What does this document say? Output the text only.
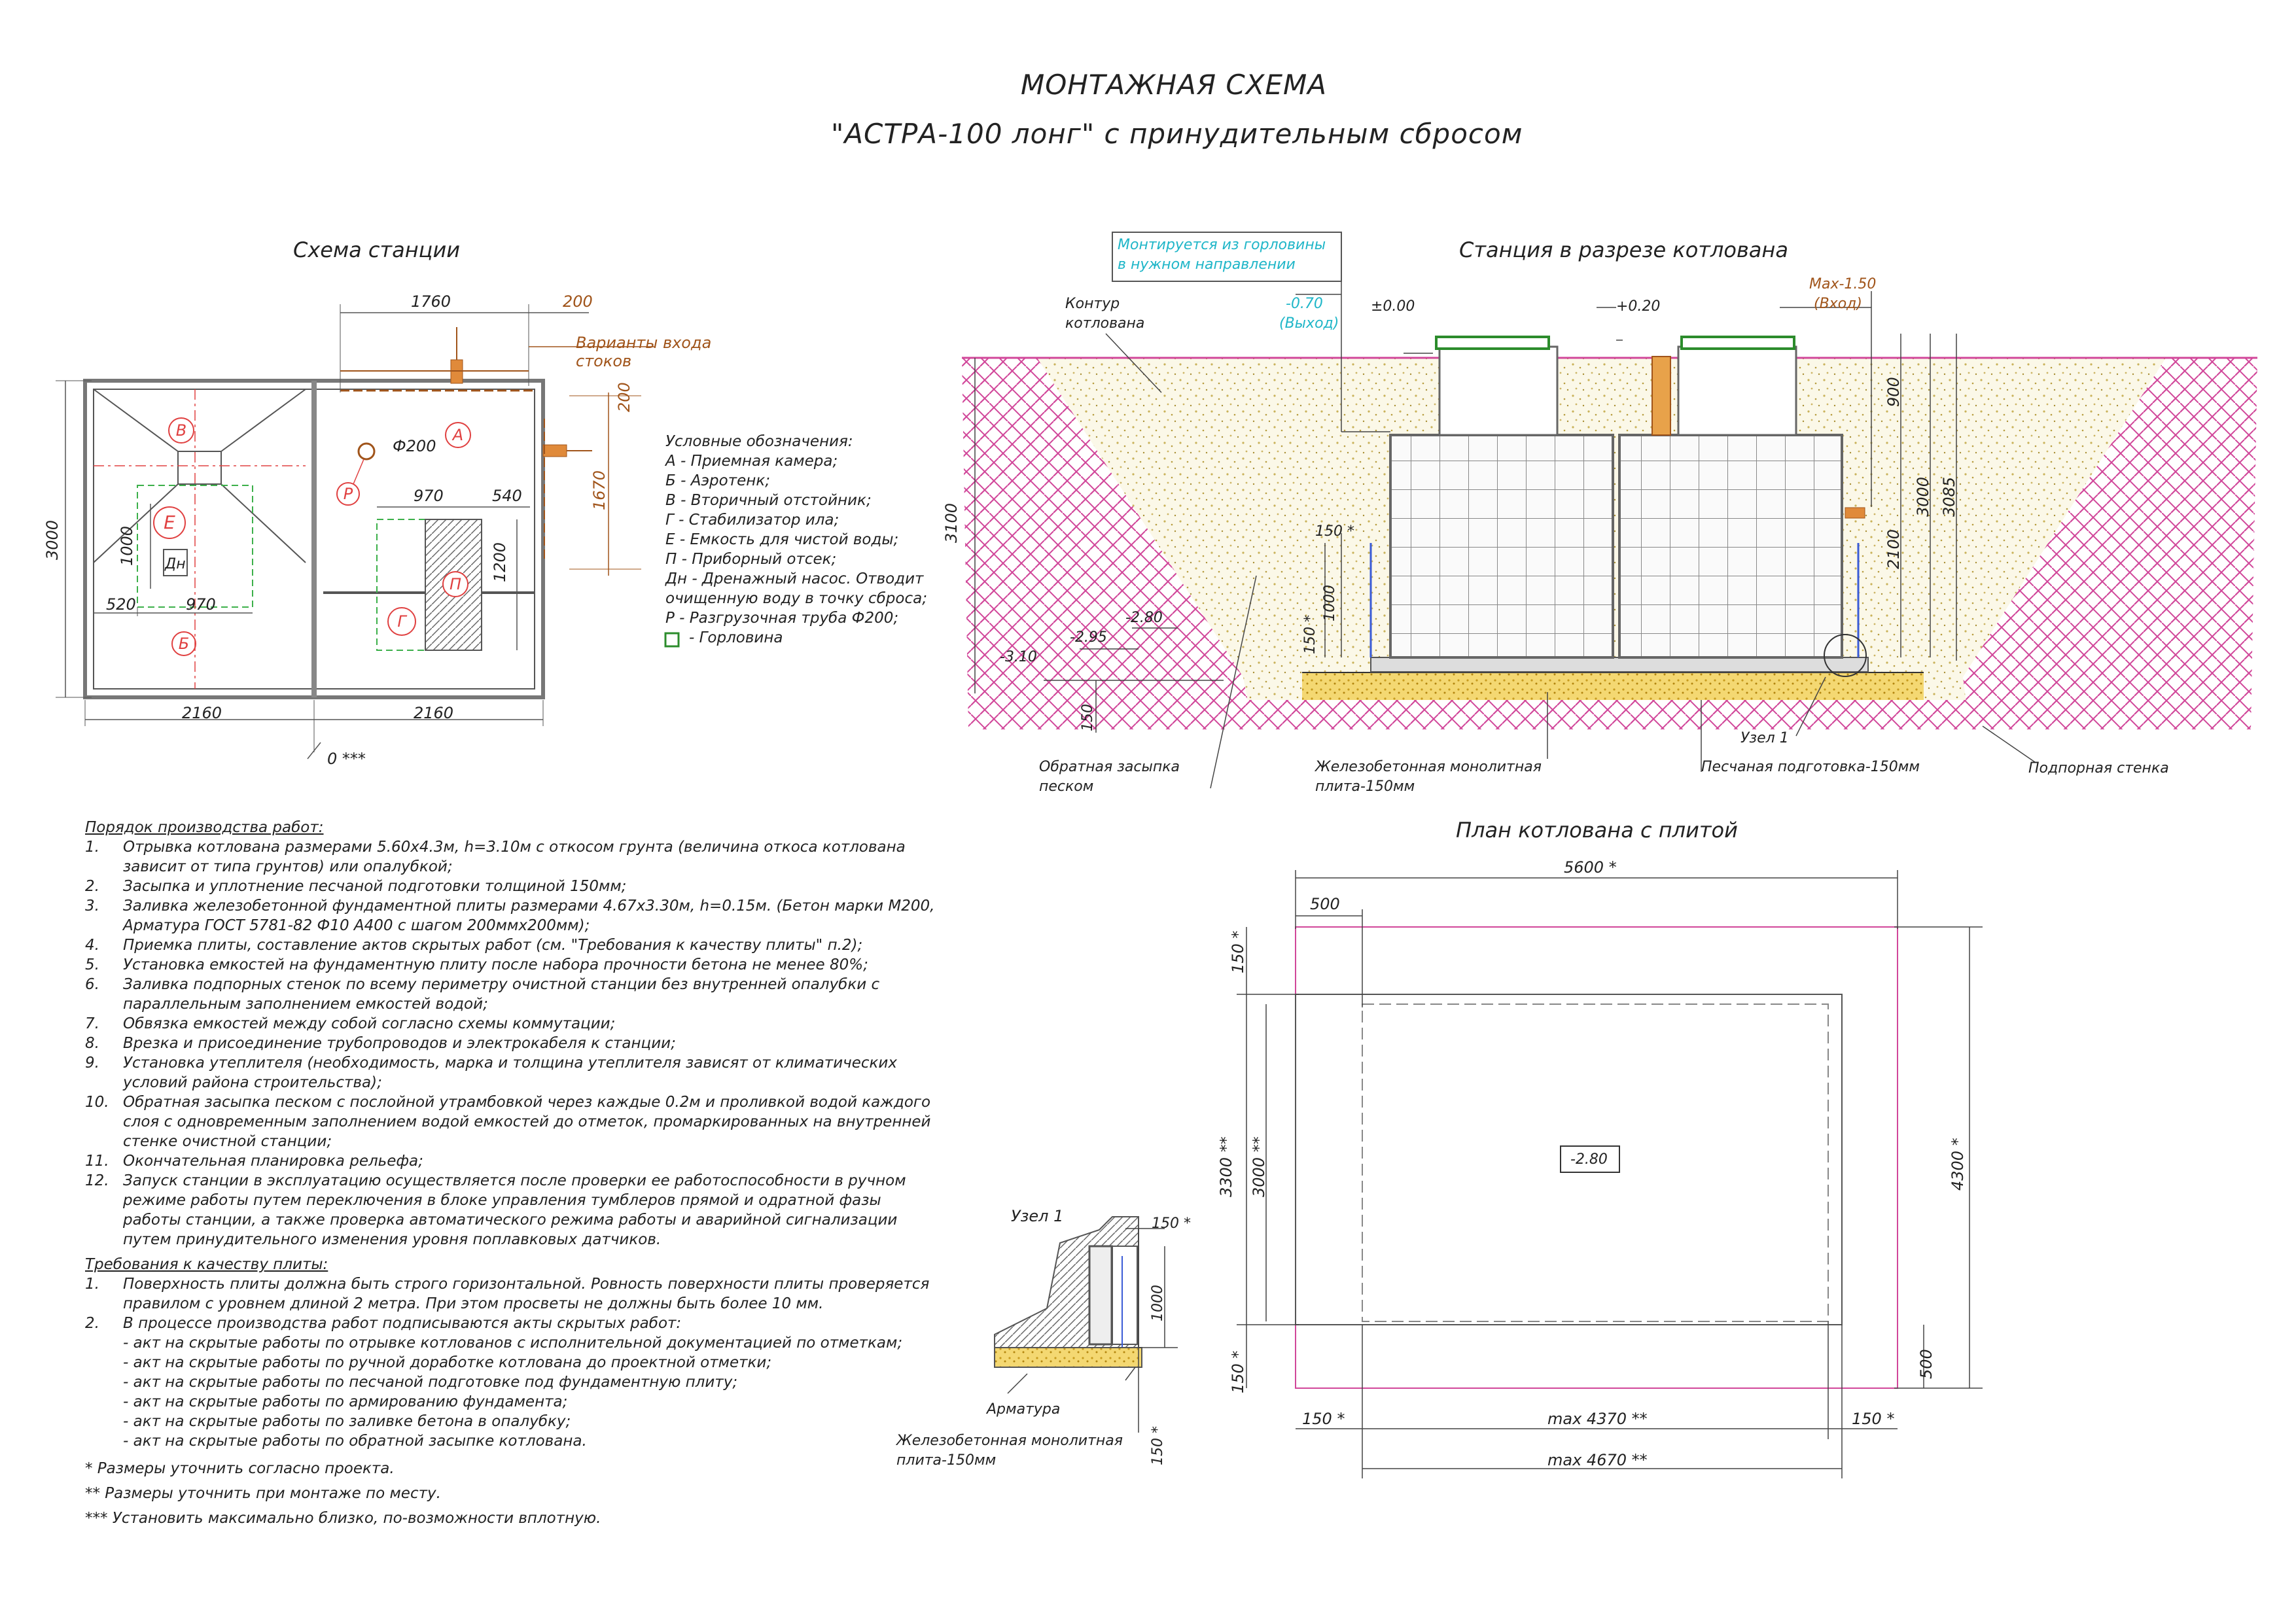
МОНТАЖНАЯ СХЕМА
"АСТРА-100 лонг" с принудительным сбросом
Схема станции
1760	200
Варианты входа
стоков
200
1670
3000	1000
520	970
970	540
1200
2160	2160
Ф200
0 ***
В	А
Р
Е
Дн
Б
П
Г
Условные обозначения:
А - Приемная камера;
Б - Аэротенк;
В - Вторичный отстойник;
Г - Стабилизатор ила;
Е - Емкость для чистой воды;
П - Приборный отсек;
Дн - Дренажный насос. Отводит
очищенную воду в точку сброса;
Р - Разгрузочная труба Ф200;
- Горловина
Станция в разрезе котлована
Монтируется из горловины
в нужном направлении
Контур
котлована
-0.70
(Выход)
±0.00	+0.20
Max-1.50
(Вход)
-2.80
-2.95
-3.10
3100
900
3000 3085
2100
150 *
150 *
1000
150
Обратная засыпка
песком
Железобетонная монолитная
плита-150мм
Узел 1
Песчаная подготовка-150мм	Подпорная стенка
План котлована с плитой
5600 *
500
150 *
3300 ** 3000 **	4300 *
150 *	500
150 *	150 *
max 4370 **
max 4670 **
-2.80
Узел 1	150 *
1000
150 *
Арматура
Железобетонная монолитная
плита-150мм
Порядок производства работ:
1.	Отрывка котлована размерами 5.60х4.3м, h=3.10м с откосом грунта (величина откоса котлована
зависит от типа грунтов) или опалубкой;
2.	Засыпка и уплотнение песчаной подготовки толщиной 150мм;
3.	Заливка железобетонной фундаментной плиты размерами 4.67х3.30м, h=0.15м. (Бетон марки М200,
Арматура ГОСТ 5781-82 Ф10 А400 с шагом 200ммх200мм);
4.	Приемка плиты, составление актов скрытых работ (см. "Требования к качеству плиты" п.2);
5.	Установка емкостей на фундаментную плиту после набора прочности бетона не менее 80%;
6.	Заливка подпорных стенок по всему периметру очистной станции без внутренней опалубки с
параллельным заполнением емкостей водой;
7.	Обвязка емкостей между собой согласно схемы коммутации;
8.	Врезка и присоединение трубопроводов и электрокабеля к станции;
9.	Установка утеплителя (необходимость, марка и толщина утеплителя зависят от климатических
условий района строительства);
10. Обратная засыпка песком с послойной утрамбовкой через каждые 0.2м и проливкой водой каждого
слоя с одновременным заполнением водой емкостей до отметок, промаркированных на внутренней
стенке очистной станции;
11. Окончательная планировка рельефа;
12. Запуск станции в эксплуатацию осуществляется после проверки ее работоспособности в ручном
режиме работы путем переключения в блоке управления тумблеров прямой и одратной фазы
работы станции, а также проверка автоматического режима работы и аварийной сигнализации
путем принудительного изменения уровня поплавковых датчиков.
Требования к качеству плиты:
1.	Поверхность плиты должна быть строго горизонтальной. Ровность поверхности плиты проверяется
правилом с уровнем длиной 2 метра. При этом просветы не должны быть более 10 мм.
2.	В процессе производства работ подписываются акты скрытых работ:
- акт на скрытые работы по отрывке котлованов с исполнительной документацией по отметкам;
- акт на скрытые работы по ручной доработке котлована до проектной отметки;
- акт на скрытые работы по песчаной подготовке под фундаментную плиту;
- акт на скрытые работы по армированию фундамента;
- акт на скрытые работы по заливке бетона в опалубку;
- акт на скрытые работы по обратной засыпке котлована.
* Размеры уточнить согласно проекта.
** Размеры уточнить при монтаже по месту.
*** Установить максимально близко, по-возможности вплотную.
